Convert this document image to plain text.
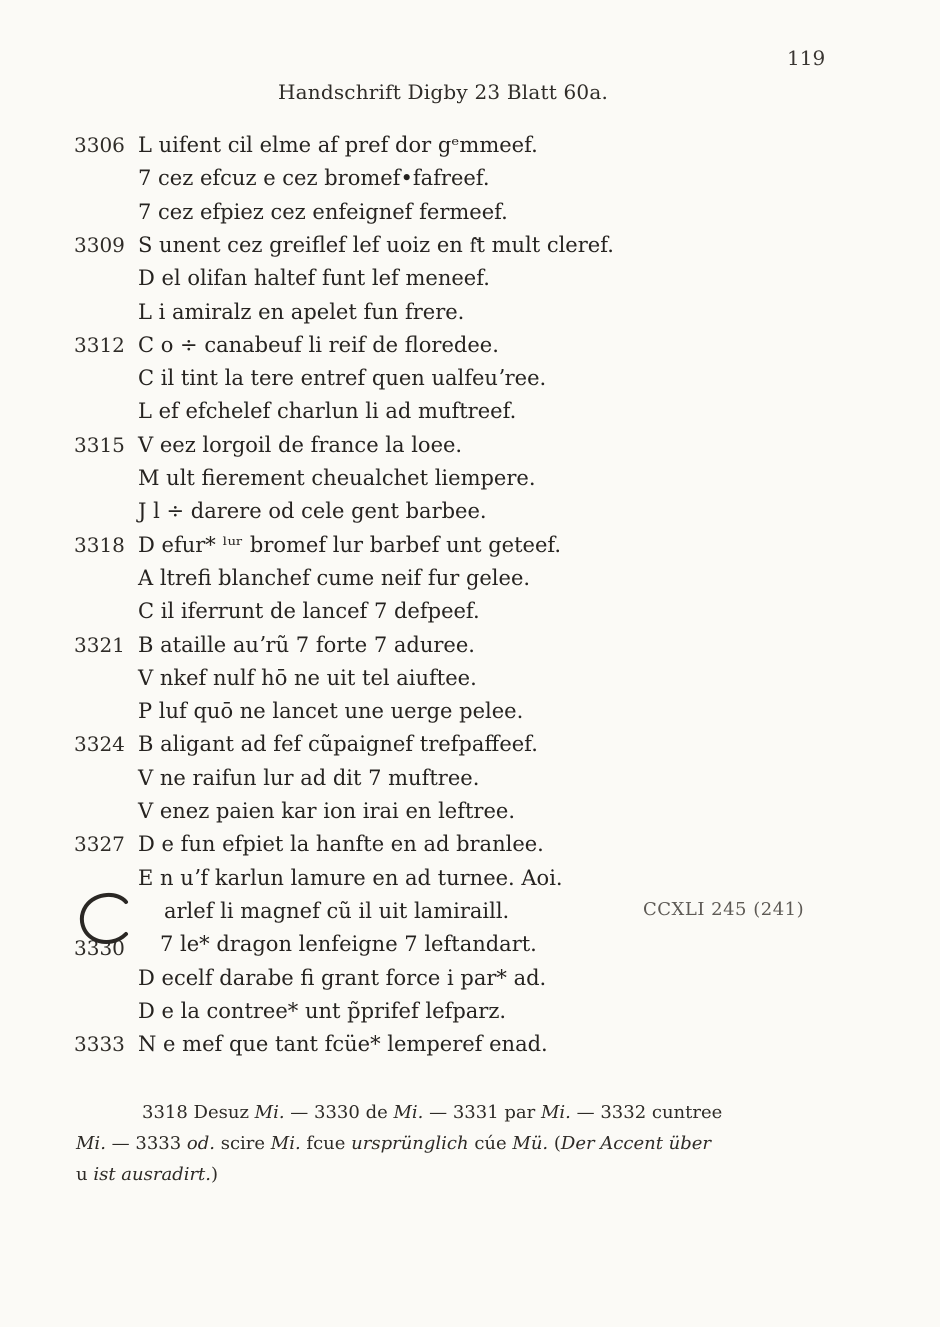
119
Handschrift Digby 23 Blatt 60a.
3306 L uifent cil elme af pref dor gᵉmmeef.
7 cez efcuz e cez bromef•fafreef.
7 cez efpiez cez enfeignef fermeef.
3309 S unent cez greiflef lef uoiz en f͂t mult cleref.
D el olifan haltef funt lef meneef.
L i amiralz en apelet fun frere.
3312 C o ÷ canabeuf li reif de floredee.
C il tint la tere entref quen ualfeuʼree.
L ef efchelef charlun li ad muftreef.
3315 V eez lorgoil de france la loee.
M ult fierement cheualchet liempere.
J l ÷ darere od cele gent barbee.
3318 D efur* ˡᵘʳ bromef lur barbef unt geteef.
A ltrefi blanchef cume neif fur gelee.
C il iferrunt de lancef 7 defpeef.
3321 B ataille auʼrũ 7 forte 7 aduree.
V nkef nulf hō ne uit tel aiuftee.
P luf quō ne lancet une uerge pelee.
3324 B aligant ad fef cũpaignef trefpaffeef.
V ne raifun lur ad dit 7 muftree.
V enez paien kar ion irai en leftree.
3327 D e fun efpiet la hanfte en ad branlee.
E n uʼf karlun lamure en ad turnee. Aoi.
arlef li magnef cũ il uit lamiraill.
3330 7 le* dragon lenfeigne 7 leftandart.
D ecelf darabe fi grant force i par* ad.
D e la contree* unt p̃prifef lefparz.
3333 N e mef que tant fcüe* lemperef enad.
CCXLI 245 (241)
3318 Desuz Mi. — 3330 de Mi. — 3331 par Mi. — 3332 cuntree
Mi. — 3333 od. scire Mi. fcue ursprünglich cúe Mü. (Der Accent über
u ist ausradirt.)
